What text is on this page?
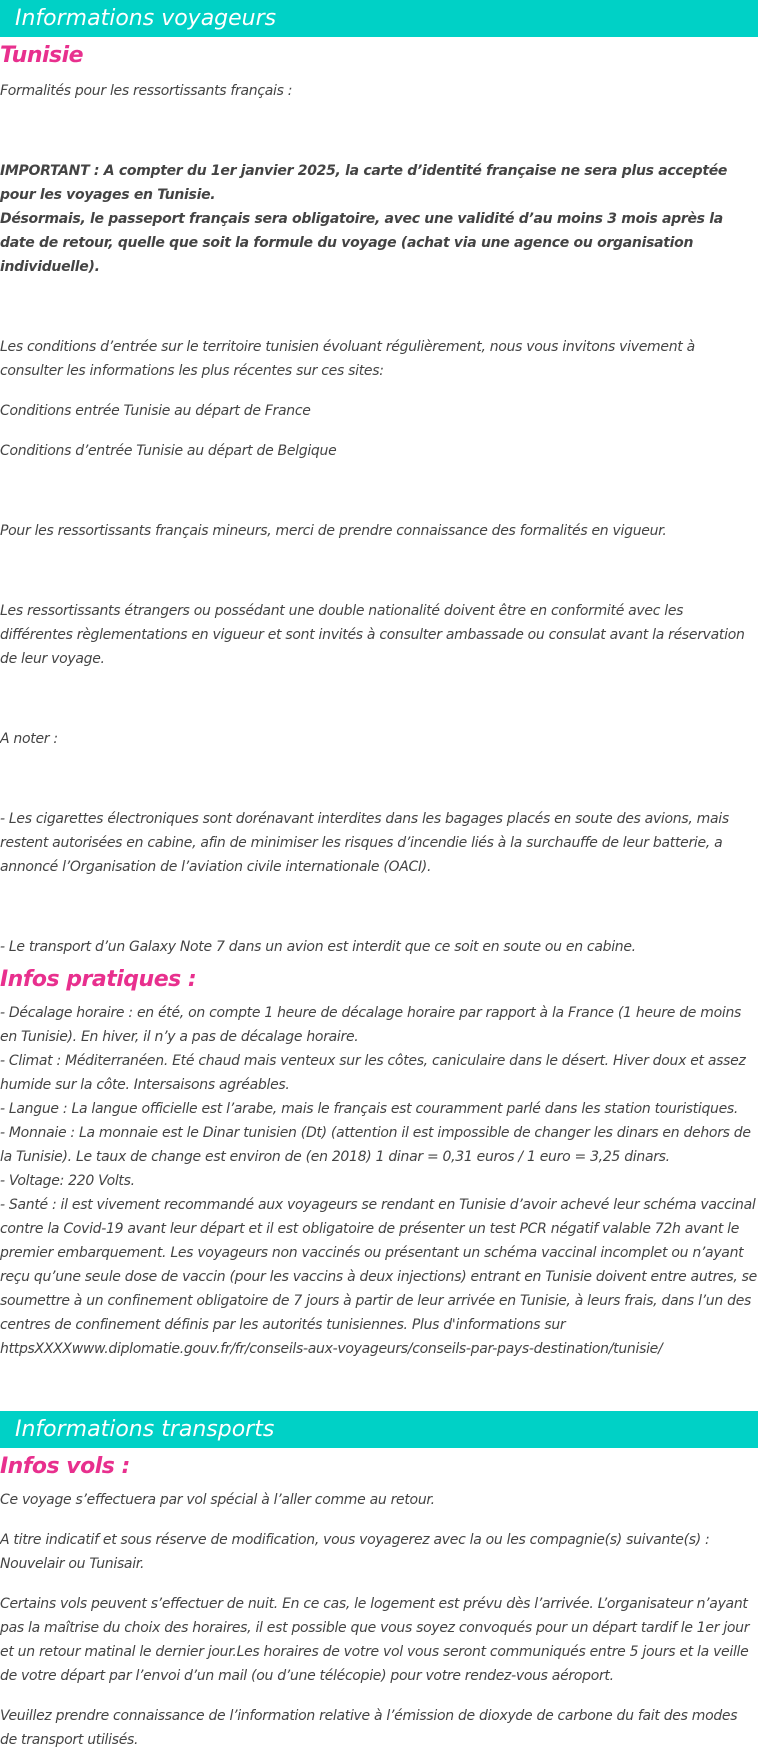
Informations voyageurs
Tunisie

Formalités pour les ressortissants français :

IMPORTANT : A compter du 1er janvier 2025, la carte d’identité française ne sera plus acceptée pour les voyages en Tunisie.

Désormais, le passeport français sera obligatoire, avec une validité d’au moins 3 mois après la date de retour, quelle que soit la formule du voyage (achat via une agence ou organisation individuelle).

Les conditions d’entrée sur le territoire tunisien évoluant régulièrement, nous vous invitons vivement à consulter les informations les plus récentes sur ces sites:

Conditions entrée Tunisie au départ de France

Conditions d’entrée Tunisie au départ de Belgique

Pour les ressortissants français mineurs, merci de prendre connaissance des formalités en vigueur.

Les ressortissants étrangers ou possédant une double nationalité doivent être en conformité avec les différentes règlementations en vigueur et sont invités à consulter ambassade ou consulat avant la réservation de leur voyage.

A noter :

- Les cigarettes électroniques sont dorénavant interdites dans les bagages placés en soute des avions, mais restent autorisées en cabine, afin de minimiser les risques d’incendie liés à la surchauffe de leur batterie, a annoncé l’Organisation de l’aviation civile internationale (OACI).

- Le transport d’un Galaxy Note 7 dans un avion est interdit que ce soit en soute ou en cabine.

Infos pratiques :

- Décalage horaire : en été, on compte 1 heure de décalage horaire par rapport à la France (1 heure de moins en Tunisie). En hiver, il n’y a pas de décalage horaire.

- Climat : Méditerranéen. Eté chaud mais venteux sur les côtes, caniculaire dans le désert. Hiver doux et assez humide sur la côte. Intersaisons agréables.

- Langue : La langue officielle est l’arabe, mais le français est couramment parlé dans les station touristiques.

- Monnaie : La monnaie est le Dinar tunisien (Dt) (attention il est impossible de changer les dinars en dehors de la Tunisie). Le taux de change est environ de (en 2018) 1 dinar = 0,31 euros / 1 euro = 3,25 dinars.

- Voltage: 220 Volts.

- Santé : il est vivement recommandé aux voyageurs se rendant en Tunisie d’avoir achevé leur schéma vaccinal contre la Covid-19 avant leur départ et il est obligatoire de présenter un test PCR négatif valable 72h avant le premier embarquement. Les voyageurs non vaccinés ou présentant un schéma vaccinal incomplet ou n’ayant reçu qu’une seule dose de vaccin (pour les vaccins à deux injections) entrant en Tunisie doivent entre autres, se soumettre à un confinement obligatoire de 7 jours à partir de leur arrivée en Tunisie, à leurs frais, dans l’un des centres de confinement définis par les autorités tunisiennes. Plus d'informations sur httpsXXXXwww.diplomatie.gouv.fr/fr/conseils-aux-voyageurs/conseils-par-pays-destination/tunisie/

Informations transports
Infos vols :

Ce voyage s’effectuera par vol spécial à l’aller comme au retour.

A titre indicatif et sous réserve de modification, vous voyagerez avec la ou les compagnie(s) suivante(s) : Nouvelair ou Tunisair.

Certains vols peuvent s’effectuer de nuit. En ce cas, le logement est prévu dès l’arrivée. L’organisateur n’ayant pas la maîtrise du choix des horaires, il est possible que vous soyez convoqués pour un départ tardif le 1er jour et un retour matinal le dernier jour.Les horaires de votre vol vous seront communiqués entre 5 jours et la veille de votre départ par l’envoi d’un mail (ou d’une télécopie) pour votre rendez-vous aéroport.

Veuillez prendre connaissance de l’information relative à l’émission de dioxyde de carbone du fait des modes de transport utilisés.
